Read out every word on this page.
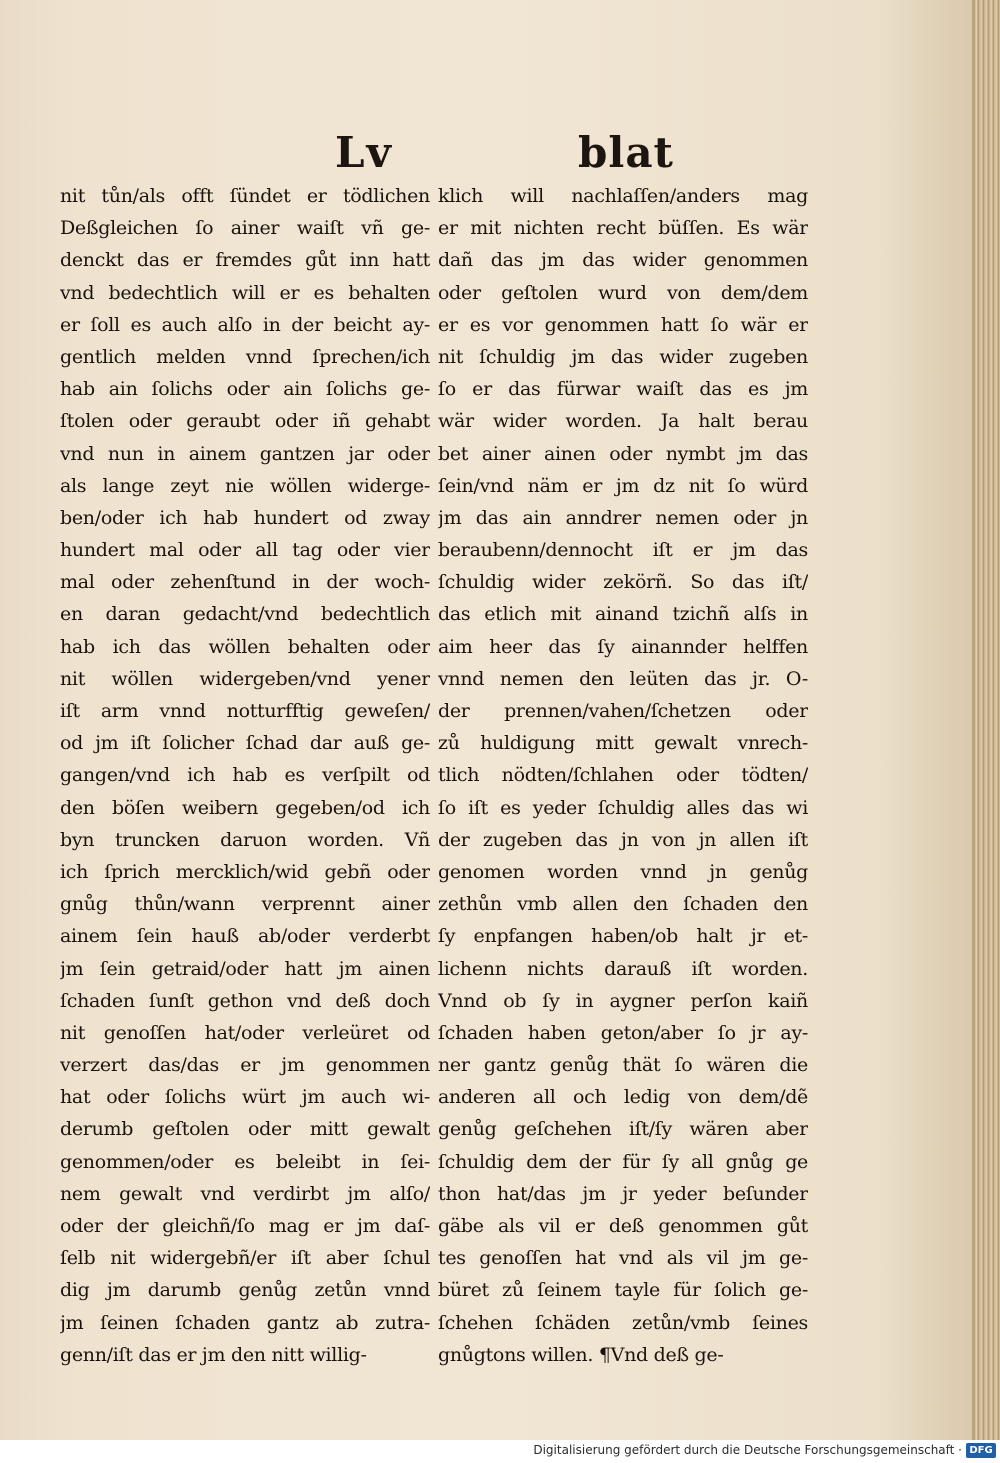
Lv	blat
nit tůn/als offt ſündet er tödlichen
Deßgleichen ſo ainer waiſt vñ ge-
denckt das er fremdes gůt inn hatt
vnd bedechtlich will er es behalten
er ſoll es auch alſo in der beicht ay-
gentlich melden vnnd ſprechen/ich
hab ain ſolichs oder ain ſolichs ge-
ſtolen oder geraubt oder iñ gehabt
vnd nun in ainem gantzen jar oder
als lange zeyt nie wöllen widerge-
ben/oder ich hab hundert od zway
hundert mal oder all tag oder vier
mal oder zehenſtund in der woch-
en daran gedacht/vnd bedechtlich
hab ich das wöllen behalten oder
nit wöllen widergeben/vnd yener
iſt arm vnnd notturfftig geweſen/
od jm iſt ſolicher ſchad dar auß ge-
gangen/vnd ich hab es verſpilt od
den böſen weibern gegeben/od ich
byn truncken daruon worden. Vñ
ich ſprich mercklich/wid gebñ oder
gnůg thůn/wann verprennt ainer
ainem ſein hauß ab/oder verderbt
jm ſein getraid/oder hatt jm ainen
ſchaden ſunſt gethon vnd deß doch
nit genoſſen hat/oder verleüret od
verzert das/das er jm genommen
hat oder ſolichs würt jm auch wi-
derumb geſtolen oder mitt gewalt
genommen/oder es beleibt in ſei-
nem gewalt vnd verdirbt jm alſo/
oder der gleichñ/ſo mag er jm daſ-
ſelb nit widergebñ/er iſt aber ſchul
dig jm darumb genůg zetůn vnnd
jm ſeinen ſchaden gantz ab zutra-
genn/iſt das er jm den nitt willig-
klich will nachlaſſen/anders mag
er mit nichten recht büſſen. Es wär
dañ das jm das wider genommen
oder geſtolen wurd von dem/dem
er es vor genommen hatt ſo wär er
nit ſchuldig jm das wider zugeben
ſo er das fürwar waiſt das es jm
wär wider worden. Ja halt berau
bet ainer ainen oder nymbt jm das
ſein/vnd näm er jm dz nit ſo würd
jm das ain anndrer nemen oder jn
beraubenn/dennocht iſt er jm das
ſchuldig wider zekörñ. So das iſt/
das etlich mit ainand tzichñ alſs in
aim heer das ſy ainannder helffen
vnnd nemen den leüten das jr. O-
der prennen/vahen/ſchetzen oder
zů huldigung mitt gewalt vnrech-
tlich nödten/ſchlahen oder tödten/
ſo iſt es yeder ſchuldig alles das wi
der zugeben das jn von jn allen iſt
genomen worden vnnd jn genůg
zethůn vmb allen den ſchaden den
ſy enpfangen haben/ob halt jr et-
lichenn nichts darauß iſt worden.
Vnnd ob ſy in aygner perſon kaiñ
ſchaden haben geton/aber ſo jr ay-
ner gantz genůg thät ſo wären die
anderen all och ledig von dem/dẽ
genůg geſchehen iſt/ſy wären aber
ſchuldig dem der für ſy all gnůg ge
thon hat/das jm jr yeder beſunder
gäbe als vil er deß genommen gůt
tes genoſſen hat vnd als vil jm ge-
büret zů ſeinem tayle für ſolich ge-
ſchehen ſchäden zetůn/vmb ſeines
gnůgtons willen. ¶Vnd deß ge-
Digitalisierung gefördert durch die Deutsche Forschungsgemeinschaft · DFG
